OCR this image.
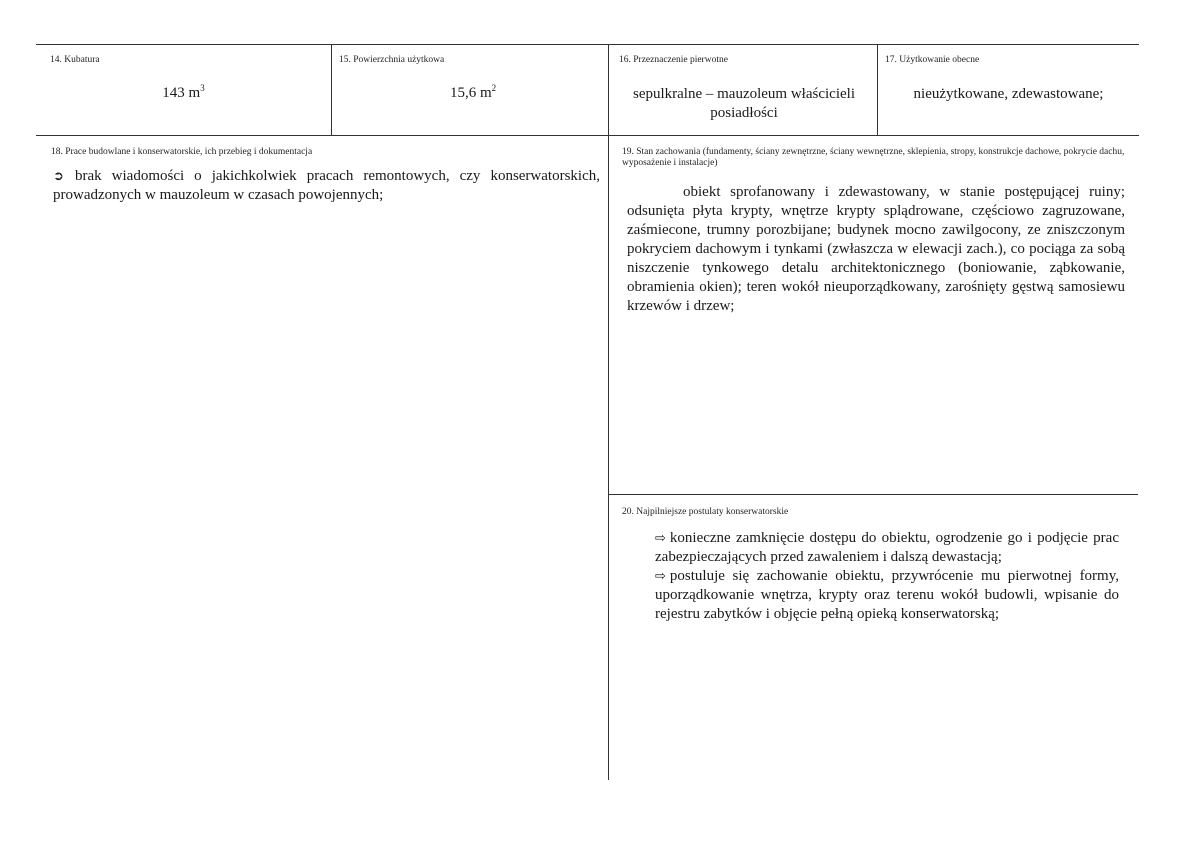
14. Kubatura
143 $m^3$
15. Powierzchnia użytkowa
15,6 $m^2$
16. Przeznaczenie pierwotne
sepulkralne – mauzoleum właścicieli posiadłości
17. Użytkowanie obecne
nieużytkowane, zdewastowane;
18. Prace budowlane i konserwatorskie, ich przebieg i dokumentacja
➲ brak wiadomości o jakichkolwiek pracach remontowych, czy konserwatorskich, prowadzonych w mauzoleum w czasach powojennych;
19. Stan zachowania (fundamenty, ściany zewnętrzne, ściany wewnętrzne, sklepienia, stropy, konstrukcje dachowe, pokrycie dachu, wyposażenie i instalacje)
obiekt sprofanowany i zdewastowany, w stanie postępującej ruiny; odsunięta płyta krypty, wnętrze krypty splądrowane, częściowo zagruzowane, zaśmiecone, trumny porozbijane; budynek mocno zawilgocony, ze zniszczonym pokryciem dachowym i tynkami (zwłaszcza w elewacji zach.), co pociąga za sobą niszczenie tynkowego detalu architektonicznego (boniowanie, ząbkowanie, obramienia okien); teren wokół nieuporządkowany, zarośnięty gęstwą samosiewu krzewów i drzew;
20. Najpilniejsze postulaty konserwatorskie

⇨ konieczne zamknięcie dostępu do obiektu, ogrodzenie go i podjęcie prac zabezpieczających przed zawaleniem i dalszą dewastacją;

⇨ postuluje się zachowanie obiektu, przywrócenie mu pierwotnej formy, uporządkowanie wnętrza, krypty oraz terenu wokół budowli, wpisanie do rejestru zabytków i objęcie pełną opieką konserwatorską;
